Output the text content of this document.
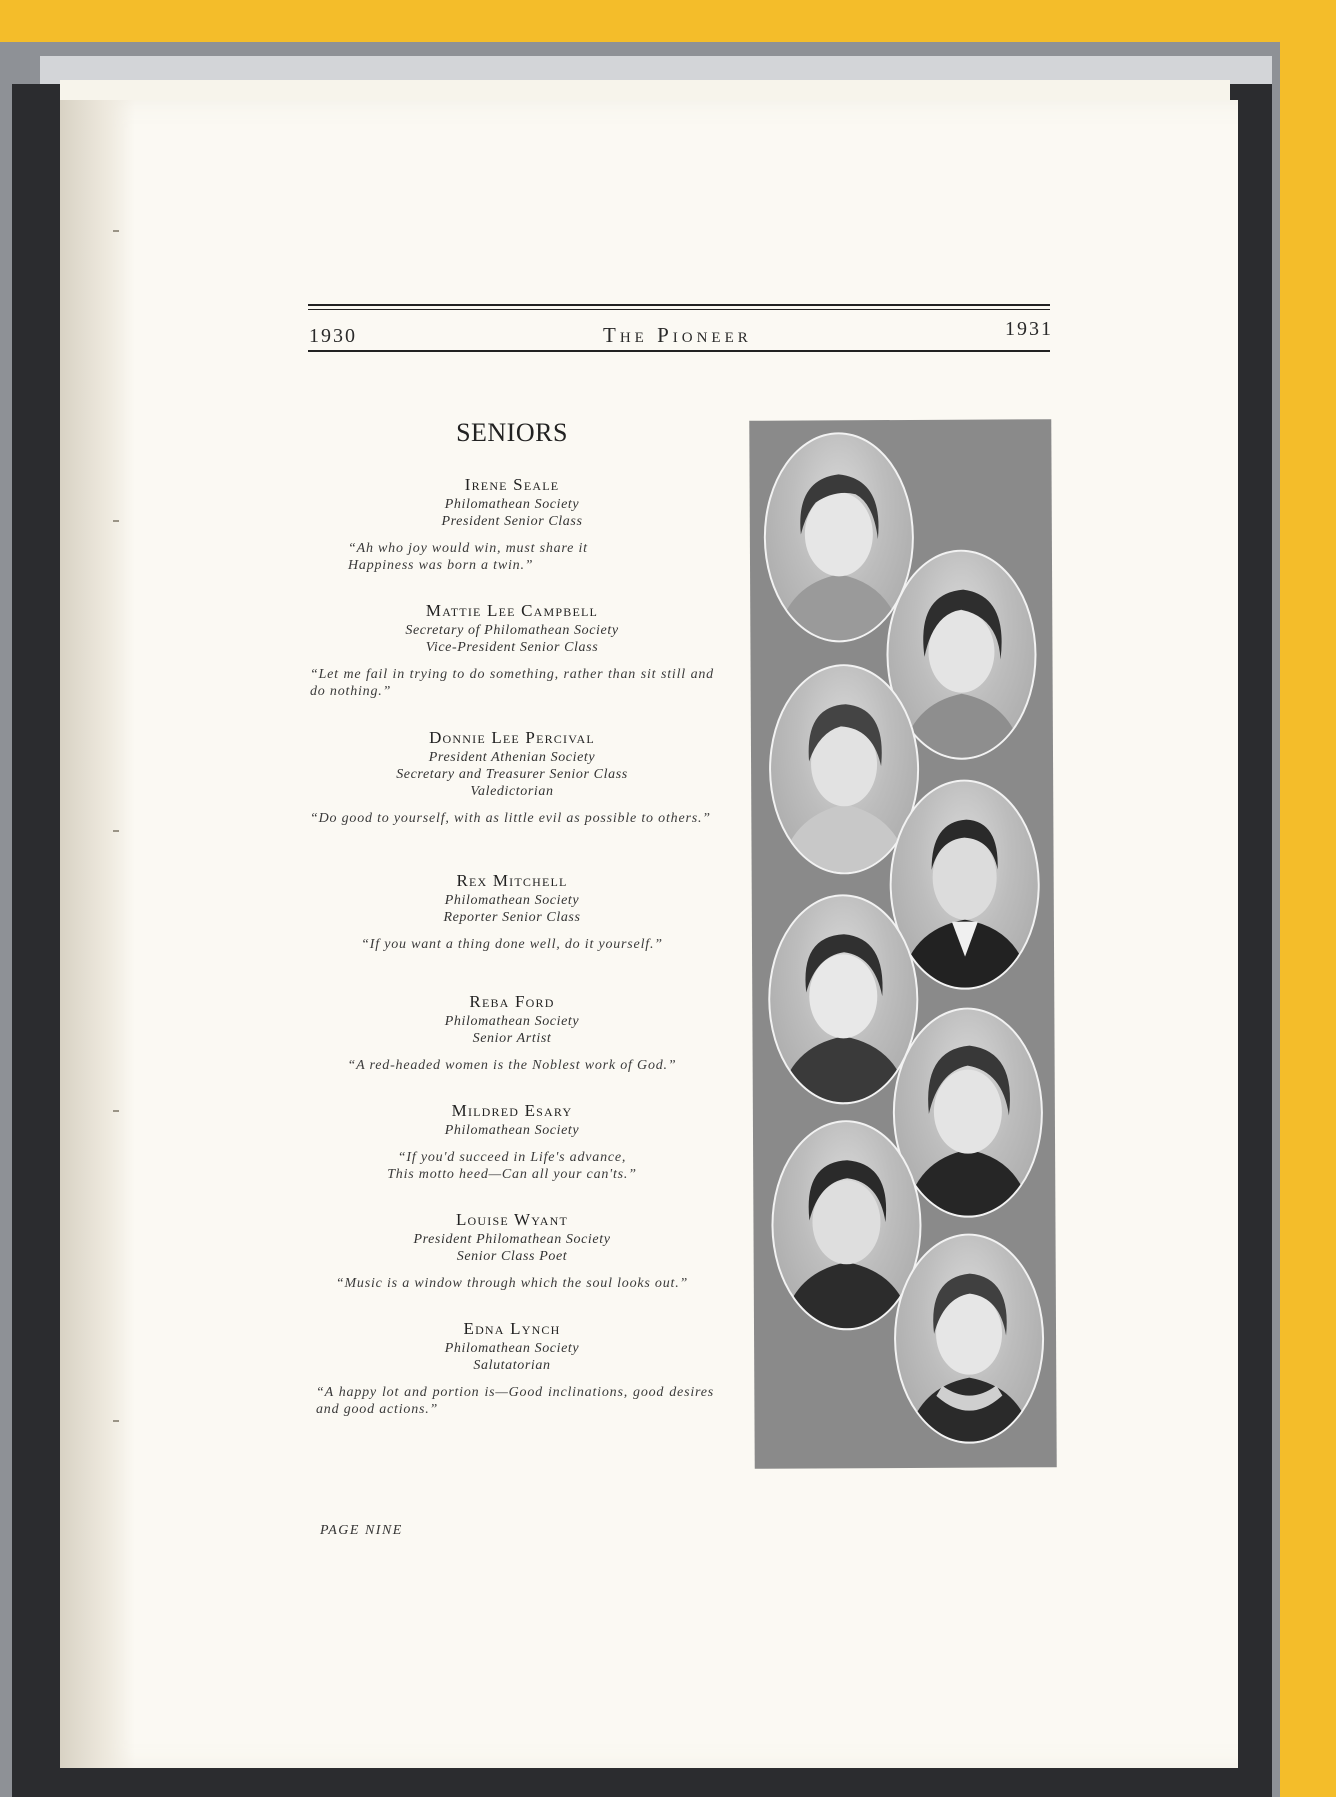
1930	The Pioneer	1931
SENIORS
Irene Seale
Philomathean Society
President Senior Class
“Ah who joy would win, must share it
Happiness was born a twin.”
Mattie Lee Campbell
Secretary of Philomathean Society
Vice-President Senior Class
“Let me fail in trying to do something, rather than sit still and do nothing.”
Donnie Lee Percival
President Athenian Society
Secretary and Treasurer Senior Class
Valedictorian
“Do good to yourself, with as little evil as possible to others.”
Rex Mitchell
Philomathean Society
Reporter Senior Class
“If you want a thing done well, do it yourself.”
Reba Ford
Philomathean Society
Senior Artist
“A red-headed women is the Noblest work of God.”
Mildred Esary
Philomathean Society
“If you'd succeed in Life's advance,
This motto heed—Can all your can'ts.”
Louise Wyant
President Philomathean Society
Senior Class Poet
“Music is a window through which the soul looks out.”
Edna Lynch
Philomathean Society
Salutatorian
“A happy lot and portion is—Good inclinations, good desires and good actions.”
PAGE NINE
